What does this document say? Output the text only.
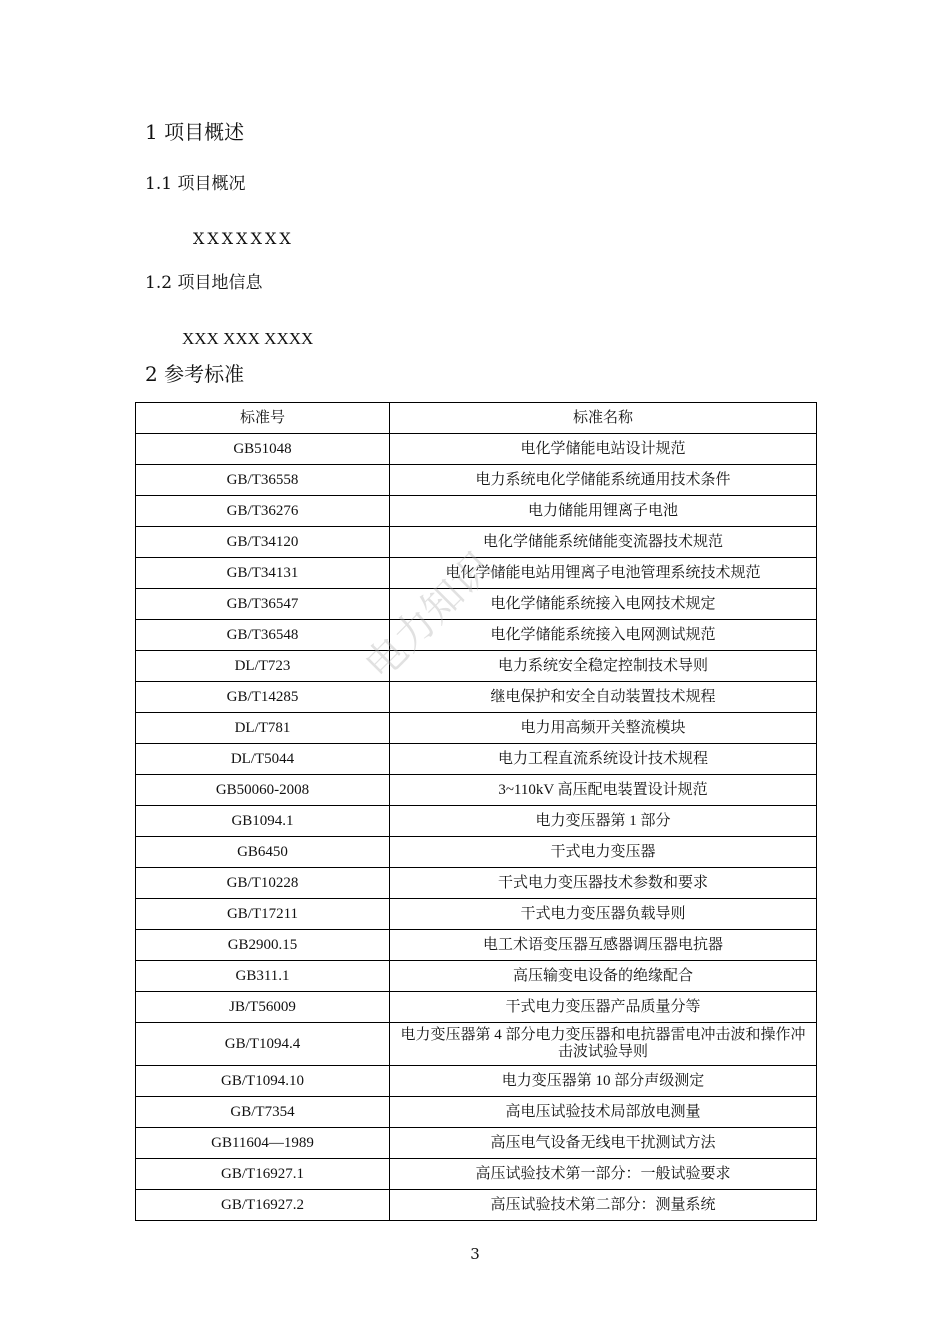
1 项目概述
1.1 项目概况
XXXXXXX
1.2 项目地信息
XXX XXX XXXX
2 参考标准
标准号	标准名称
GB51048	电化学储能电站设计规范
GB/T36558	电力系统电化学储能系统通用技术条件
GB/T36276	电力储能用锂离子电池
GB/T34120	电化学储能系统储能变流器技术规范
GB/T34131	电化学储能电站用锂离子电池管理系统技术规范
GB/T36547	电化学储能系统接入电网技术规定
GB/T36548	电化学储能系统接入电网测试规范
DL/T723	电力系统安全稳定控制技术导则
GB/T14285	继电保护和安全自动装置技术规程
DL/T781	电力用高频开关整流模块
DL/T5044	电力工程直流系统设计技术规程
GB50060-2008	3~110kV 高压配电装置设计规范
GB1094.1	电力变压器第 1 部分
GB6450	干式电力变压器
GB/T10228	干式电力变压器技术参数和要求
GB/T17211	干式电力变压器负载导则
GB2900.15	电工术语变压器互感器调压器电抗器
GB311.1	高压输变电设备的绝缘配合
JB/T56009	干式电力变压器产品质量分等
GB/T1094.4	电力变压器第 4 部分电力变压器和电抗器雷电冲击波和操作冲击波试验导则
GB/T1094.10	电力变压器第 10 部分声级测定
GB/T7354	高电压试验技术局部放电测量
GB11604—1989	高压电气设备无线电干扰测试方法
GB/T16927.1	高压试验技术第一部分：一般试验要求
GB/T16927.2	高压试验技术第二部分：测量系统
电力知识
3
